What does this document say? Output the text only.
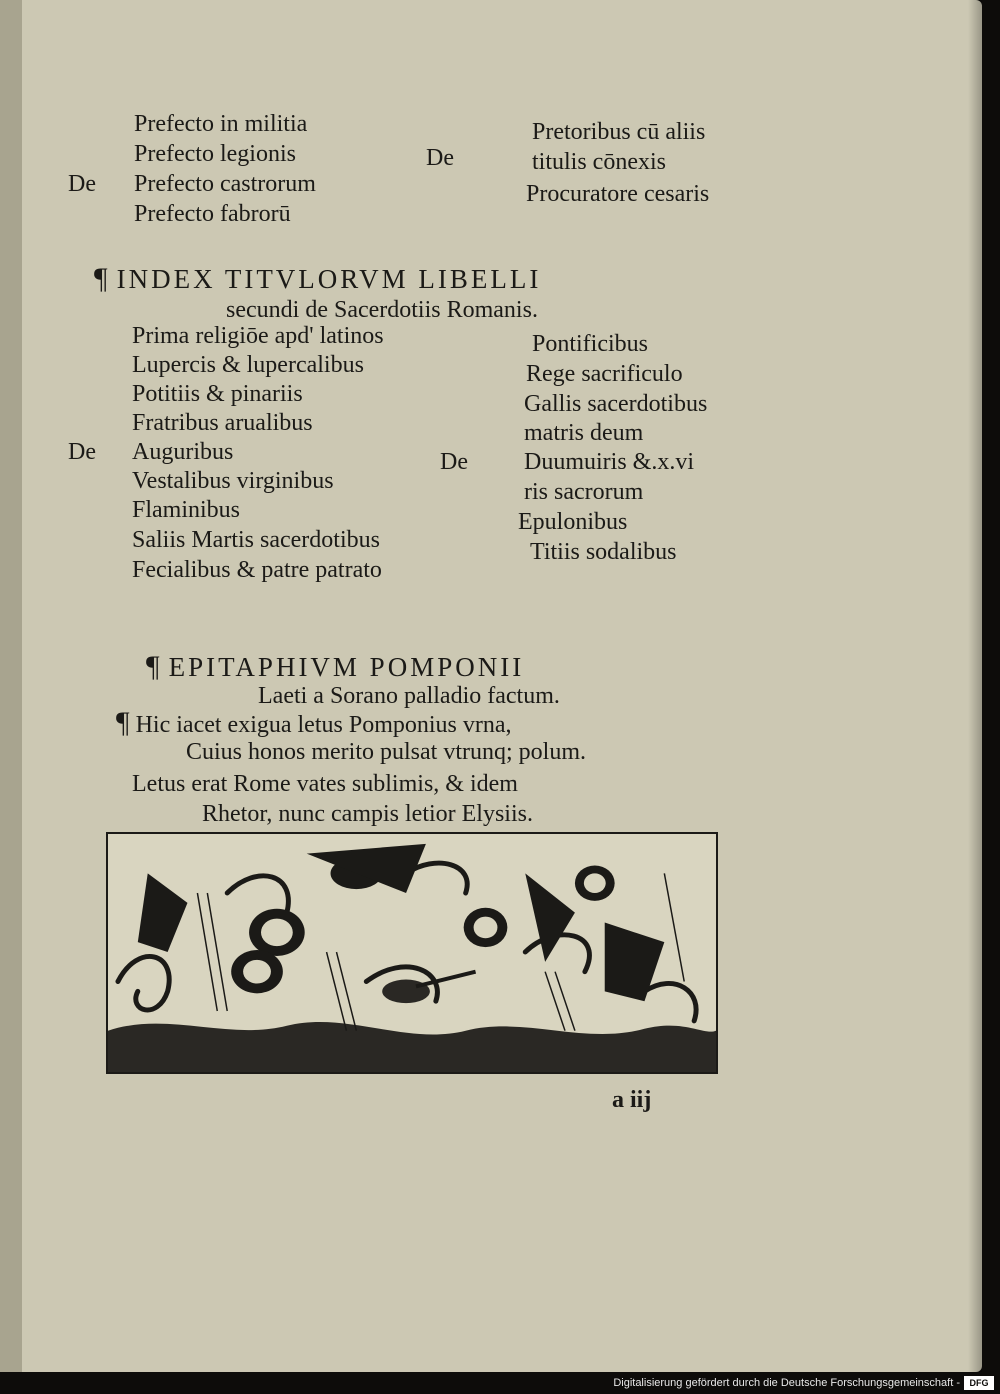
Prefecto in militia
Prefecto legionis
De Prefecto castrorum
Prefecto fabrorū
Pretoribus cū aliis
De	titulis cōnexis
Procuratore cesaris
¶ INDEX TITVLORVM LIBELLI
secundi de Sacerdotiis Romanis.
Prima religiōe apd' latinos
Lupercis & lupercalibus
Potitiis & pinariis
Fratribus arualibus
De Auguribus
Vestalibus virginibus
Flaminibus
Saliis Martis sacerdotibus
Fecialibus & patre patrato
Pontificibus
Rege sacrificulo
Gallis sacerdotibus
matris deum
De Duumuiris &.x.vi
ris sacrorum
Epulonibus
Titiis sodalibus
¶ EPITAPHIVM POMPONII
Laeti a Sorano palladio factum.
¶ Hic iacet exigua letus Pomponius vrna,
Cuius honos merito pulsat vtrunq; polum.
Letus erat Rome vates sublimis, & idem
Rhetor, nunc campis letior Elysiis.
a iij
Digitalisierung gefördert durch die Deutsche Forschungsgemeinschaft -	DFG
